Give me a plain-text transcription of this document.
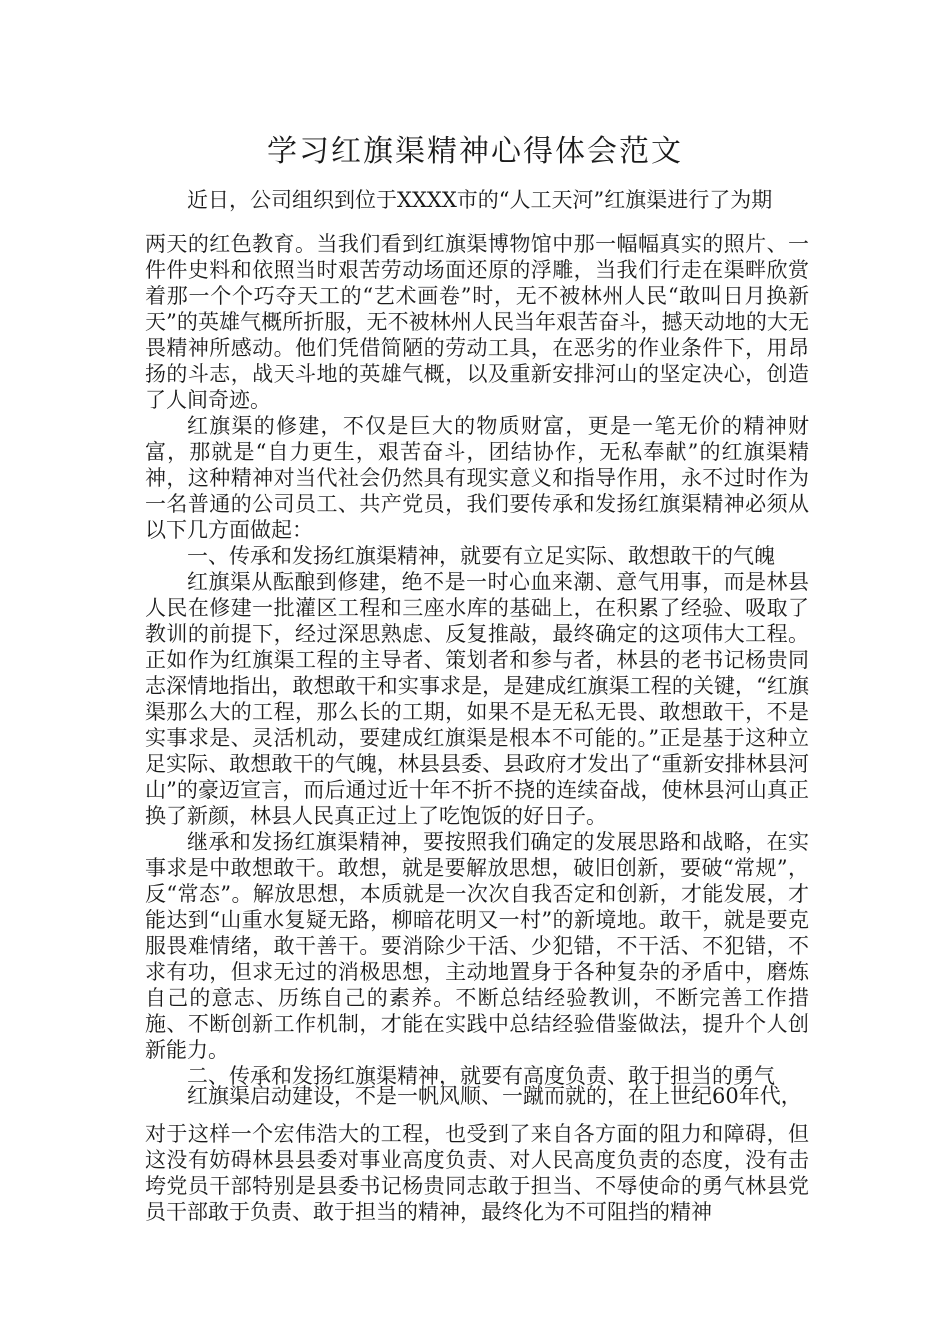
学习红旗渠精神心得体会范文

近日，公司组织到位于XXXX市的“人工天河”红旗渠进行了为期

两天的红色教育。当我们看到红旗渠博物馆中那一幅幅真实的照片、一件件史料和依照当时艰苦劳动场面还原的浮雕，当我们行走在渠畔欣赏着那一个个巧夺天工的“艺术画卷”时，无不被林州人民“敢叫日月换新天”的英雄气概所折服，无不被林州人民当年艰苦奋斗，撼天动地的大无畏精神所感动。他们凭借简陋的劳动工具，在恶劣的作业条件下，用昂扬的斗志，战天斗地的英雄气概，以及重新安排河山的坚定决心，创造了人间奇迹。

红旗渠的修建，不仅是巨大的物质财富，更是一笔无价的精神财富，那就是“自力更生，艰苦奋斗，团结协作，无私奉献”的红旗渠精神，这种精神对当代社会仍然具有现实意义和指导作用，永不过时作为一名普通的公司员工、共产党员，我们要传承和发扬红旗渠精神必须从以下几方面做起：

一、传承和发扬红旗渠精神，就要有立足实际、敢想敢干的气魄

红旗渠从酝酿到修建，绝不是一时心血来潮、意气用事，而是林县人民在修建一批灌区工程和三座水库的基础上，在积累了经验、吸取了教训的前提下，经过深思熟虑、反复推敲，最终确定的这项伟大工程。正如作为红旗渠工程的主导者、策划者和参与者，林县的老书记杨贵同志深情地指出，敢想敢干和实事求是，是建成红旗渠工程的关键，“红旗渠那么大的工程，那么长的工期，如果不是无私无畏、敢想敢干，不是实事求是、灵活机动，要建成红旗渠是根本不可能的。”正是基于这种立足实际、敢想敢干的气魄，林县县委、县政府才发出了“重新安排林县河山”的豪迈宣言，而后通过近十年不折不挠的连续奋战，使林县河山真正换了新颜，林县人民真正过上了吃饱饭的好日子。

继承和发扬红旗渠精神，要按照我们确定的发展思路和战略，在实事求是中敢想敢干。敢想，就是要解放思想，破旧创新，要破“常规”，反“常态”。解放思想，本质就是一次次自我否定和创新，才能发展，才能达到“山重水复疑无路，柳暗花明又一村”的新境地。敢干，就是要克服畏难情绪，敢干善干。要消除少干活、少犯错，不干活、不犯错，不求有功，但求无过的消极思想，主动地置身于各种复杂的矛盾中，磨炼自己的意志、历练自己的素养。不断总结经验教训，不断完善工作措施、不断创新工作机制，才能在实践中总结经验借鉴做法，提升个人创新能力。

二、传承和发扬红旗渠精神，就要有高度负责、敢于担当的勇气

红旗渠启动建设，不是一帆风顺、一蹴而就的，在上世纪60年代，

对于这样一个宏伟浩大的工程，也受到了来自各方面的阻力和障碍，但这没有妨碍林县县委对事业高度负责、对人民高度负责的态度，没有击垮党员干部特别是县委书记杨贵同志敢于担当、不辱使命的勇气林县党员干部敢于负责、敢于担当的精神，最终化为不可阻挡的精神
